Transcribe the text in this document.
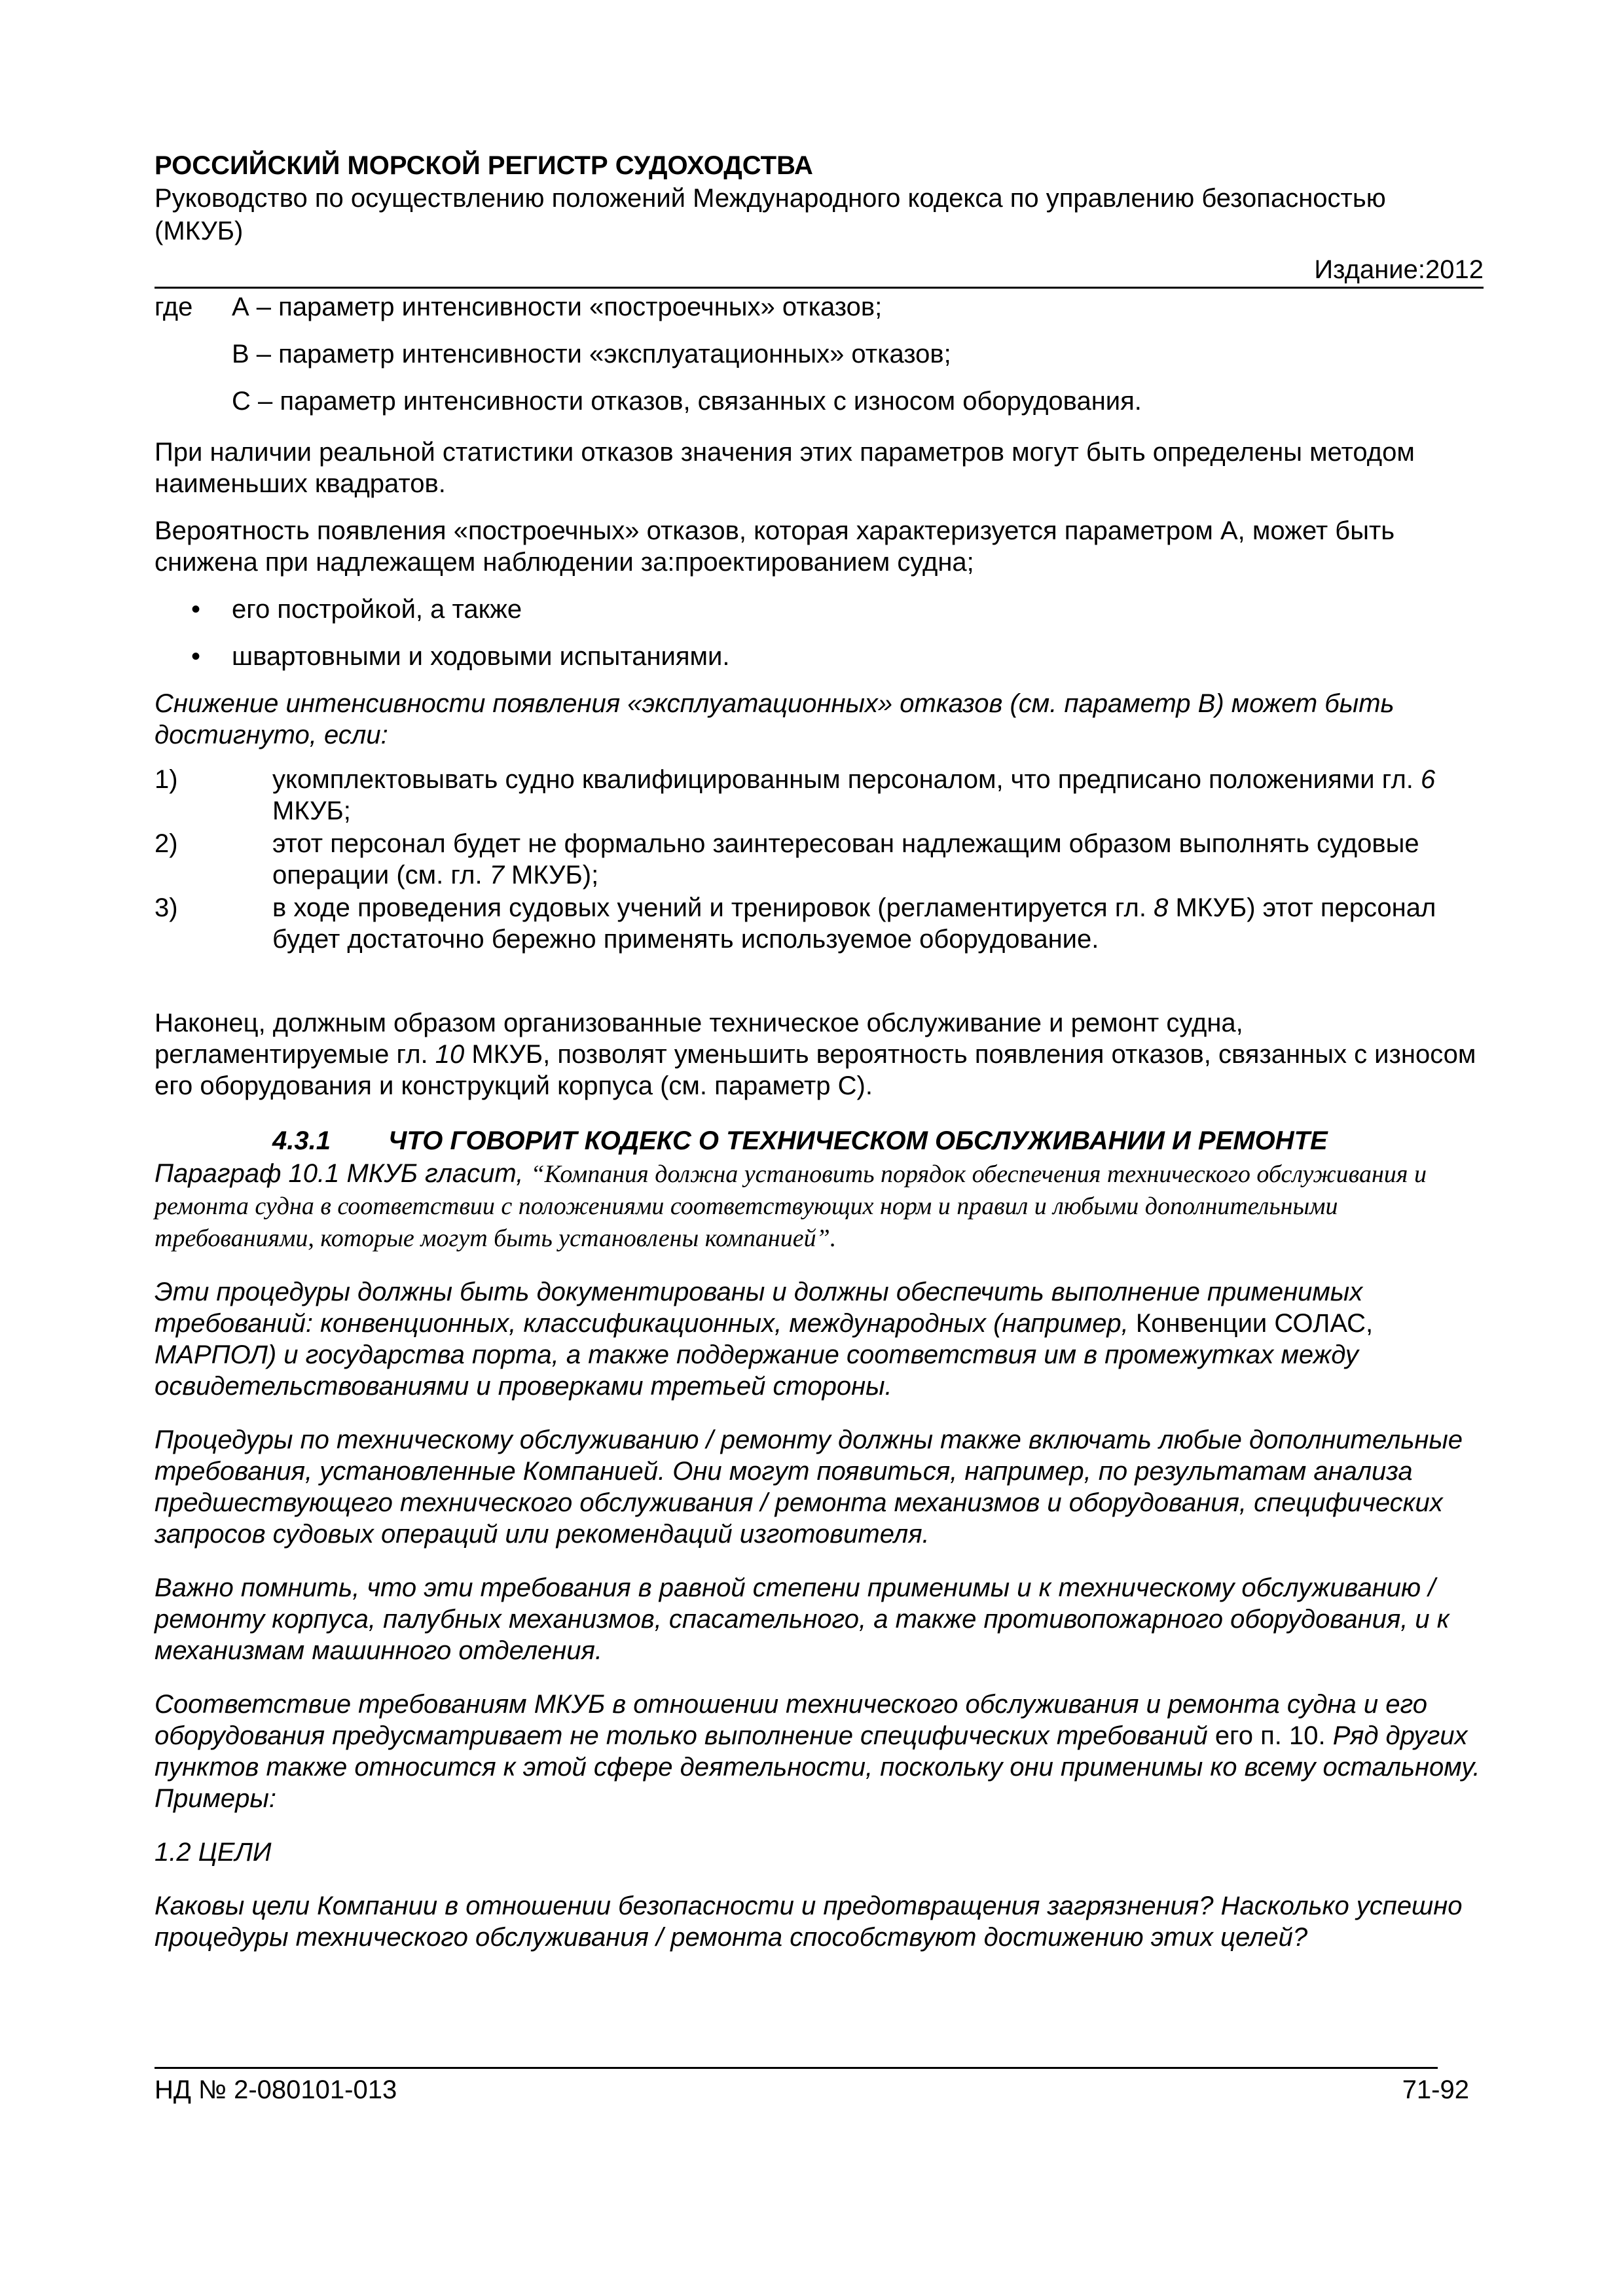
РОССИЙСКИЙ МОРСКОЙ РЕГИСТР СУДОХОДСТВА

Руководство по осуществлению положений Международного кодекса по управлению безопасностью
(МКУБ)

Издание:2012

где	А – параметр интенсивности «построечных» отказов;
В – параметр интенсивности «эксплуатационных» отказов;
С – параметр интенсивности отказов, связанных с износом оборудования.

При наличии реальной статистики отказов значения этих параметров могут быть определены методом наименьших квадратов.

Вероятность появления «построечных» отказов, которая характеризуется параметром А, может быть снижена при надлежащем наблюдении за:проектированием судна;

•	его постройкой, а также
•	швартовными и ходовыми испытаниями.

Снижение интенсивности появления «эксплуатационных» отказов (см. параметр В) может быть достигнуто, если:

1)	укомплектовывать судно квалифицированным персоналом, что предписано положениями гл. 6 МКУБ;
2)	этот персонал будет не формально заинтересован надлежащим образом выполнять судовые операции (см. гл. 7 МКУБ);
3)	в ходе проведения судовых учений и тренировок (регламентируется гл. 8 МКУБ) этот персонал будет достаточно бережно применять используемое оборудование.

Наконец, должным образом организованные техническое обслуживание и ремонт судна, регламентируемые гл. 10 МКУБ, позволят уменьшить вероятность появления отказов, связанных с износом его оборудования и конструкций корпуса (см. параметр С).

4.3.1	ЧТО ГОВОРИТ КОДЕКС О ТЕХНИЧЕСКОМ ОБСЛУЖИВАНИИ И РЕМОНТЕ

Параграф 10.1 МКУБ гласит, “Компания должна установить порядок обеспечения технического обслуживания и ремонта судна в соответствии с положениями соответствующих норм и правил и любыми дополнительными требованиями, которые могут быть установлены компанией”.

Эти процедуры должны быть документированы и должны обеспечить выполнение применимых требований: конвенционных, классификационных, международных (например, Конвенции СОЛАС, МАРПОЛ) и государства порта, а также поддержание соответствия им в промежутках между освидетельствованиями и проверками третьей стороны.

Процедуры по техническому обслуживанию / ремонту должны также включать любые дополнительные требования, установленные Компанией. Они могут появиться, например, по результатам анализа предшествующего технического обслуживания / ремонта механизмов и оборудования, специфических запросов судовых операций или рекомендаций изготовителя.

Важно помнить, что эти требования в равной степени применимы и к техническому обслуживанию / ремонту корпуса, палубных механизмов, спасательного, а также противопожарного оборудования, и к механизмам машинного отделения.

Соответствие требованиям МКУБ в отношении технического обслуживания и ремонта судна и его оборудования предусматривает не только выполнение специфических требований его п. 10. Ряд других пунктов также относится к этой сфере деятельности, поскольку они применимы ко всему остальному. Примеры:

1.2 ЦЕЛИ

Каковы цели Компании в отношении безопасности и предотвращения загрязнения? Насколько успешно процедуры технического обслуживания / ремонта способствуют достижению этих целей?

НД № 2-080101-013	71-92
